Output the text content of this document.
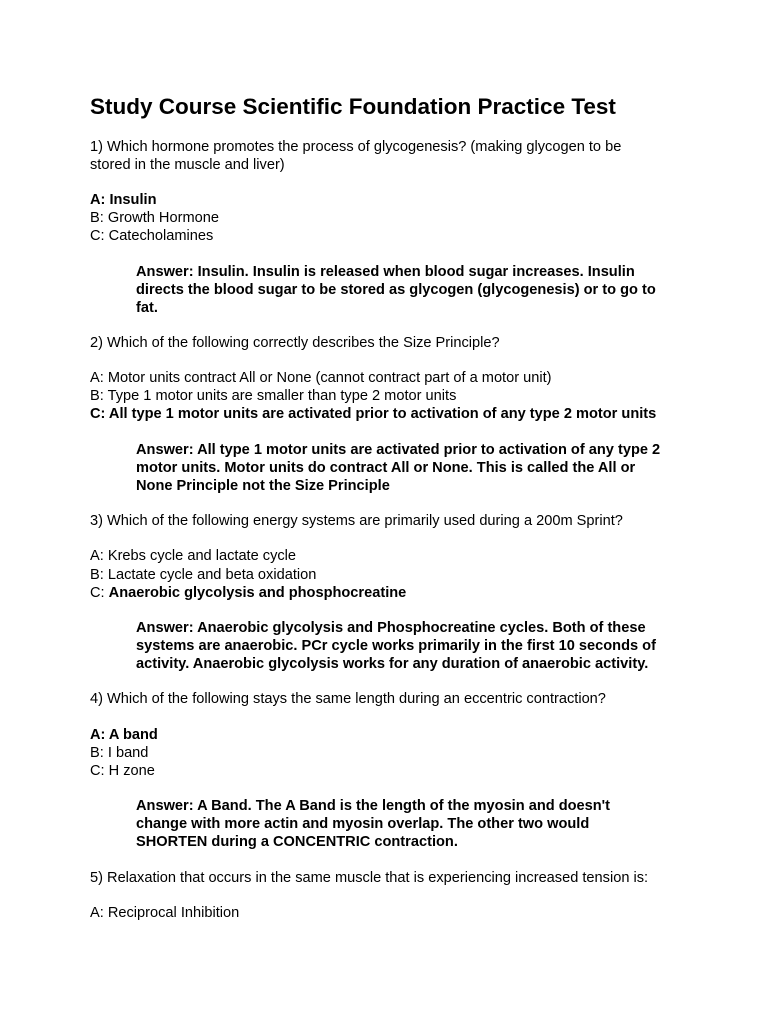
Study Course Scientific Foundation Practice Test
1) Which hormone promotes the process of glycogenesis? (making glycogen to be
stored in the muscle and liver)
A: Insulin
B: Growth Hormone
C: Catecholamines
Answer: Insulin. Insulin is released when blood sugar increases. Insulin
directs the blood sugar to be stored as glycogen (glycogenesis) or to go to
fat.
2) Which of the following correctly describes the Size Principle?
A: Motor units contract All or None (cannot contract part of a motor unit)
B: Type 1 motor units are smaller than type 2 motor units
C: All type 1 motor units are activated prior to activation of any type 2 motor units
Answer: All type 1 motor units are activated prior to activation of any type 2
motor units. Motor units do contract All or None. This is called the All or
None Principle not the Size Principle
3) Which of the following energy systems are primarily used during a 200m Sprint?
A: Krebs cycle and lactate cycle
B: Lactate cycle and beta oxidation
C: Anaerobic glycolysis and phosphocreatine
Answer: Anaerobic glycolysis and Phosphocreatine cycles. Both of these
systems are anaerobic. PCr cycle works primarily in the first 10 seconds of
activity. Anaerobic glycolysis works for any duration of anaerobic activity.
4) Which of the following stays the same length during an eccentric contraction?
A: A band
B: I band
C: H zone
Answer: A Band. The A Band is the length of the myosin and doesn't
change with more actin and myosin overlap. The other two would
SHORTEN during a CONCENTRIC contraction.
5) Relaxation that occurs in the same muscle that is experiencing increased tension is:
A: Reciprocal Inhibition
